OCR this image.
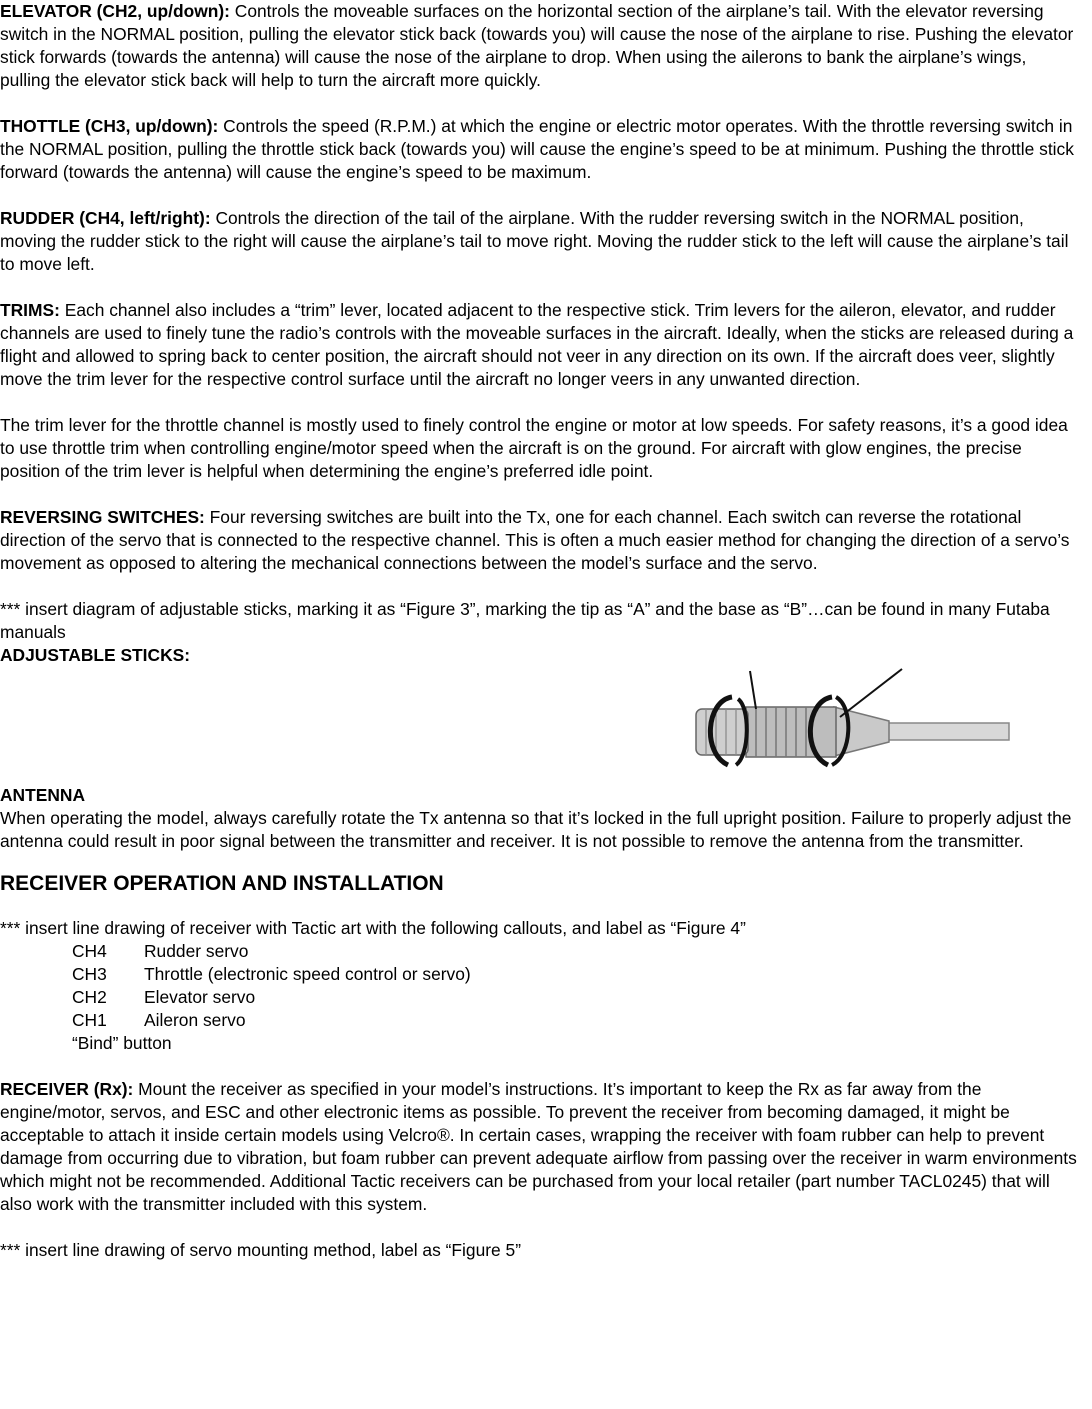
ELEVATOR (CH2, up/down): Controls the moveable surfaces on the horizontal section of the airplane’s tail. With the elevator reversing switch in the NORMAL position, pulling the elevator stick back (towards you) will cause the nose of the airplane to rise. Pushing the elevator stick forwards (towards the antenna) will cause the nose of the airplane to drop. When using the ailerons to bank the airplane’s wings, pulling the elevator stick back will help to turn the aircraft more quickly.

THOTTLE (CH3, up/down): Controls the speed (R.P.M.) at which the engine or electric motor operates. With the throttle reversing switch in the NORMAL position, pulling the throttle stick back (towards you) will cause the engine’s speed to be at minimum. Pushing the throttle stick forward (towards the antenna) will cause the engine’s speed to be maximum.

RUDDER (CH4, left/right): Controls the direction of the tail of the airplane. With the rudder reversing switch in the NORMAL position, moving the rudder stick to the right will cause the airplane’s tail to move right. Moving the rudder stick to the left will cause the airplane’s tail to move left.

TRIMS: Each channel also includes a “trim” lever, located adjacent to the respective stick. Trim levers for the aileron, elevator, and rudder channels are used to finely tune the radio’s controls with the moveable surfaces in the aircraft. Ideally, when the sticks are released during a flight and allowed to spring back to center position, the aircraft should not veer in any direction on its own. If the aircraft does veer, slightly move the trim lever for the respective control surface until the aircraft no longer veers in any unwanted direction.

The trim lever for the throttle channel is mostly used to finely control the engine or motor at low speeds. For safety reasons, it’s a good idea to use throttle trim when controlling engine/motor speed when the aircraft is on the ground. For aircraft with glow engines, the precise position of the trim lever is helpful when determining the engine’s preferred idle point.

REVERSING SWITCHES: Four reversing switches are built into the Tx, one for each channel. Each switch can reverse the rotational direction of the servo that is connected to the respective channel. This is often a much easier method for changing the direction of a servo’s movement as opposed to altering the mechanical connections between the model’s surface and the servo.

*** insert diagram of adjustable sticks, marking it as “Figure 3”, marking the tip as “A” and the base as “B”…can be found in many Futaba manuals

ADJUSTABLE STICKS:

ANTENNA

When operating the model, always carefully rotate the Tx antenna so that it’s locked in the full upright position. Failure to properly adjust the antenna could result in poor signal between the transmitter and receiver. It is not possible to remove the antenna from the transmitter.

RECEIVER OPERATION AND INSTALLATION

*** insert line drawing of receiver with Tactic art with the following callouts, and label as “Figure 4”

CH4	Rudder servo
CH3	Throttle (electronic speed control or servo)
CH2	Elevator servo
CH1	Aileron servo
“Bind” button

RECEIVER (Rx): Mount the receiver as specified in your model’s instructions. It’s important to keep the Rx as far away from the engine/motor, servos, and ESC and other electronic items as possible. To prevent the receiver from becoming damaged, it might be acceptable to attach it inside certain models using Velcro®. In certain cases, wrapping the receiver with foam rubber can help to prevent damage from occurring due to vibration, but foam rubber can prevent adequate airflow from passing over the receiver in warm environments which might not be recommended. Additional Tactic receivers can be purchased from your local retailer (part number TACL0245) that will also work with the transmitter included with this system.

*** insert line drawing of servo mounting method, label as “Figure 5”
